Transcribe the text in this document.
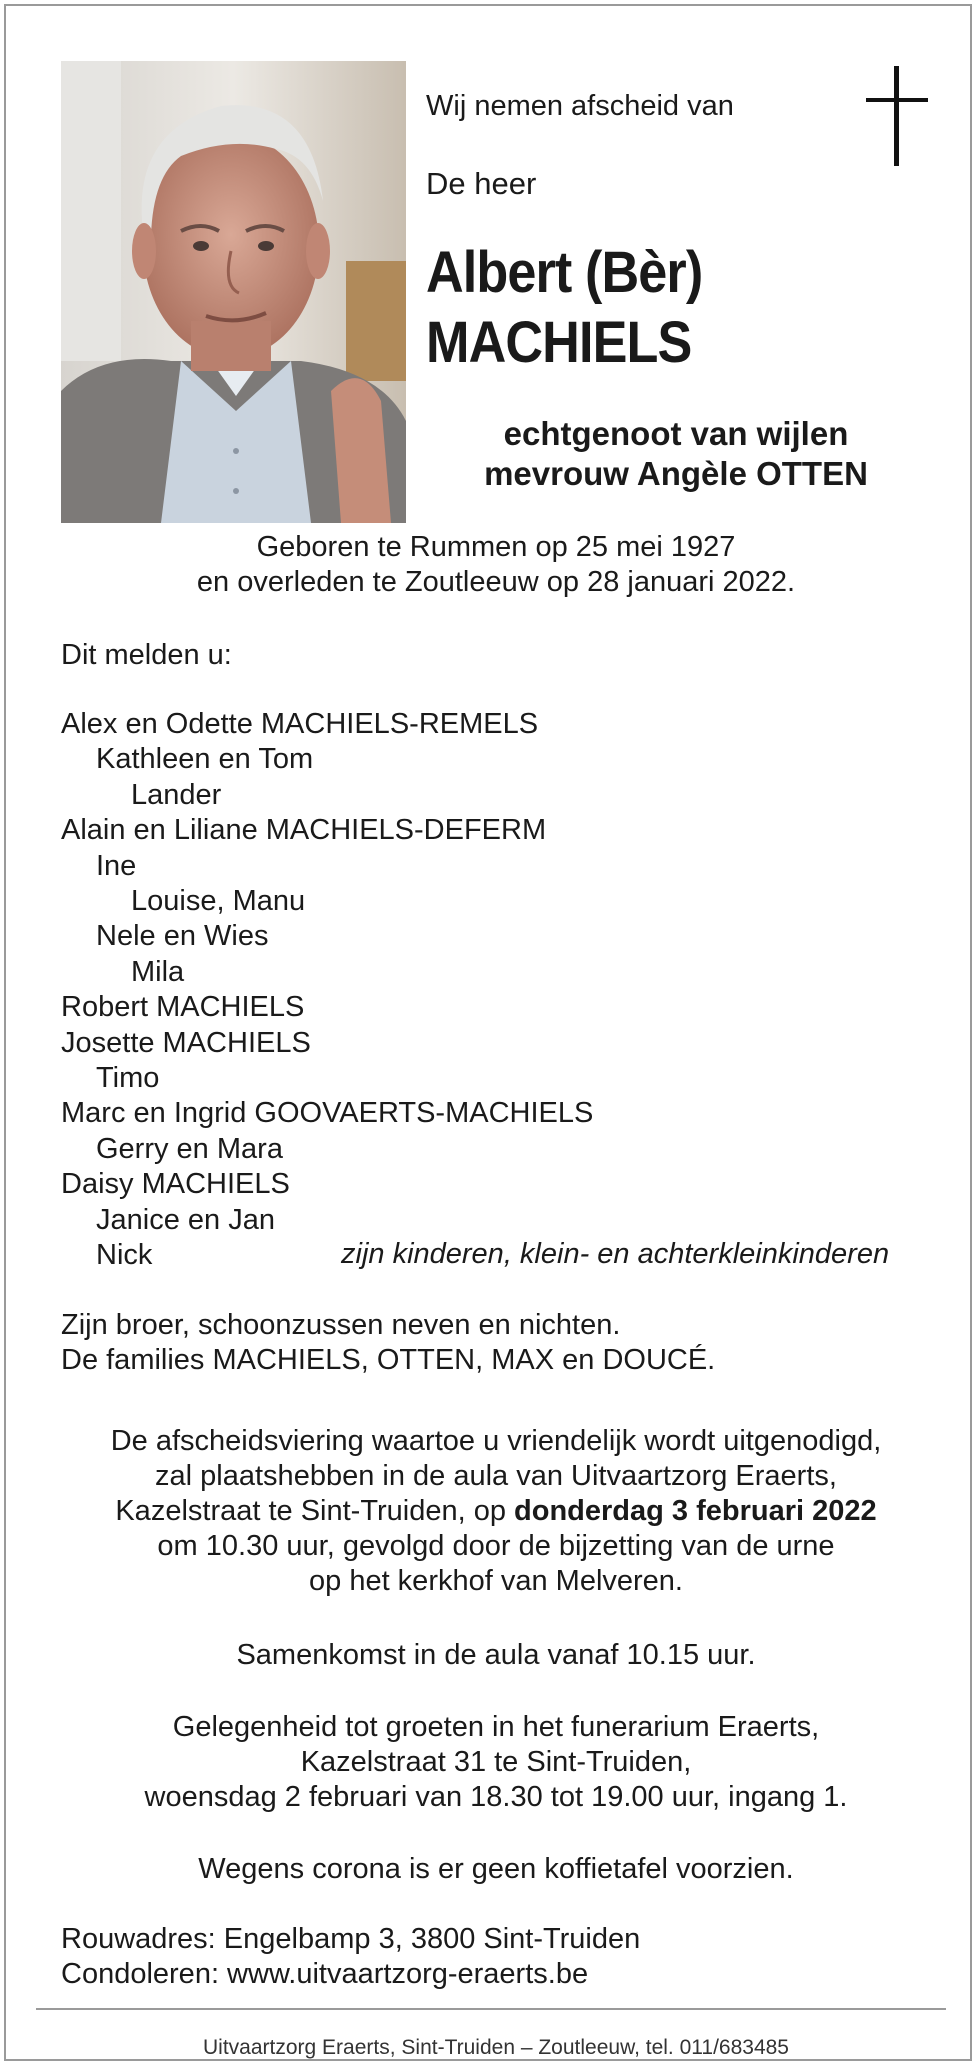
Wij nemen afscheid van
De heer
Albert (Bèr)
MACHIELS
echtgenoot van wijlen
mevrouw Angèle OTTEN
Geboren te Rummen op 25 mei 1927
en overleden te Zoutleeuw op 28 januari 2022.
Dit melden u:
Alex en Odette MACHIELS-REMELS
Kathleen en Tom
Lander
Alain en Liliane MACHIELS-DEFERM
Ine
Louise, Manu
Nele en Wies
Mila
Robert MACHIELS
Josette MACHIELS
Timo
Marc en Ingrid GOOVAERTS-MACHIELS
Gerry en Mara
Daisy MACHIELS
Janice en Jan
Nick	zijn kinderen, klein- en achterkleinkinderen
Zijn broer, schoonzussen neven en nichten.
De families MACHIELS, OTTEN, MAX en DOUCÉ.
De afscheidsviering waartoe u vriendelijk wordt uitgenodigd,
zal plaatshebben in de aula van Uitvaartzorg Eraerts,
Kazelstraat te Sint-Truiden, op donderdag 3 februari 2022
om 10.30 uur, gevolgd door de bijzetting van de urne
op het kerkhof van Melveren.
Samenkomst in de aula vanaf 10.15 uur.
Gelegenheid tot groeten in het funerarium Eraerts,
Kazelstraat 31 te Sint-Truiden,
woensdag 2 februari van 18.30 tot 19.00 uur, ingang 1.
Wegens corona is er geen koffietafel voorzien.
Rouwadres: Engelbamp 3, 3800 Sint-Truiden
Condoleren: www.uitvaartzorg-eraerts.be
Uitvaartzorg Eraerts, Sint-Truiden – Zoutleeuw, tel. 011/683485
